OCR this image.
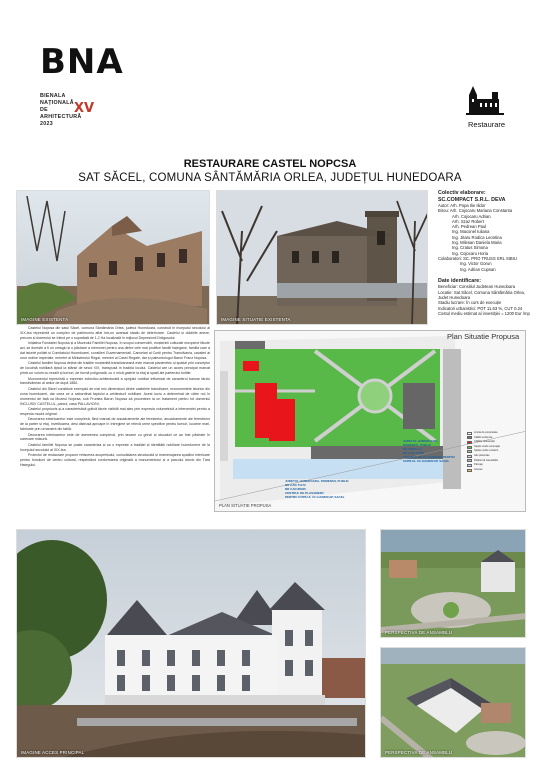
BNA
BIENALA
NAȚIONALĂ
DE
ARHITECTURĂ
2023
XV
Restaurare
RESTAURARE CASTEL NOPCSA
SAT SĂCEL, COMUNA SÂNTĂMĂRIA ORLEA, JUDEȚUL HUNEDOARA
IMAGINE EXISTENTA	IMAGINE SITUATIE EXISTENTA
Colectiv elaborare:
SC.COMPACT S.R.L. DEVA
Autor: Arh. Popa Ilie Ilidor
Birou: Arh. Cojocaru Mariana Constanta
Arh. Cojocaru Adrian
Arh. Szaz Robert
Arh. Pedrean Paul
Ing. Maconel Iuliana
Ing. Jitaru Rodica Leontina
Ing. Milesan Daniela Maria
Ing. Cratus Simona
Ing. Cojocaru Horia
Colaboratori: SC. PRO TRUSS SRL SIBIU
Ing. Victor Gorun
Ing. Adrian Cupsan
Date identificare:
Beneficiar: Consiliul Judetean Hunedoara
Locatie: Sat Săcel, Comuna Sântămăria Orlea,
Judet Hunedoara
Stadiu lucrare: În curs de execuție
Indicatori urbanistici: POT 11.63 %, CUT 0.24
Costul mediu estimat al investiției = 1200 Eur /mp

Castelul Nopcsa din satul Săcel, comuna Sântămăria Orlea, județul Hunedoara, construit în începutul secolului al XIX-lea reprezintă un complex de patrimoniu aflat într-un avansat stadiu de deteriorare. Castelul și clădirile anexe, precum și domeniul se întind pe o suprafață de 1,2 Ha localizată în mijlocul Depresiunii Drăgușului.

Inițiativa Fundației Nopcsa și a Muzeului Familiei Nopcsa, în scopul conservării, moștenirii culturale europene făcute azi, se dorește a fi un omagiu și o păstrare a memoriei pentru una dintre cele mai prolifice familii hațegane, familia care a dat istoriei poliției și Comitatului Hunedoarei, consilieri Guvernamentali, Cancelari ai Curții pentru Transilvania, cavaleri ai unor ordine imperiale, membri ai Ministerului Regal, membri ai Casei Regale, dar și paleontologul Baron Franz Nopcsa.

Castelul familiei Nopcsa deține din tradiție moștenită transilvaneană este marcat planimetric și spațial prin conceptul de locuință nobiliară tipică la sfârșit de secol XIX, transpusă în tradiția locului. Castelul are un acces principal marcat printr-un volum cu rezalit și turnuri, de formă poligonală, cu o mică galerie la etaj și spații ale parterului boltite.

Monumentul reprezintă o expresie eclectico-arhitecturală a sprijului nobiliar influențat de caracterul bancar târziu transilvănean al anilor de după 1860.

Castelul din Săcel constituie exemplul de mai mic dimensiuni dintre castelele transilvane, monumentele istorice din zona hunedoarei, dar ceea ce a sabordinat faptului a arhitecturii nobiliare. Acest lucru a determinat de către noi în momentul de față ca Muzeul Nopcsa, sub Fruntea Baron Nopcsa să procedeze la un tratament pentru tot domeniul INCLUSIV CASTELUL, parcul, casa PALLAVICINI.

Castelul propriuzis și-a caracteristică gotică târzie vizibilă mai ales prin expresia volumetrică a intervenției pentru a respecta modul original.

Decorarea exterioarelor este complexă, fiind marcat de ancadramente ale ferestrelor, ancadramente ale ferestrelor de la parter și etaj. Invelitoarea, deși distrusă aproape în întregime se relevă urme specifice pentru turnuri, lucarne mari, fabricate prin ornament din tablă.

Decorarea interioarelor este de asemenea complexă, prin tavane cu grinzi și stucaturi ce au fost păstrate în oarecare măsură.

Castelul familiei Nopcsa se poate caracteriza și ca o expresie a tradiției și identității nobiliare hunedorene de la începutul secolului al XIX-lea.

Proiectul de restaurare propune refacerea acoperișului, consolidarea structurală și reamenajarea spațiilor interioare pentru funcțiuni de centru cultural, respectând conformarea originală a monumentului și a parcului istoric din Țara Hațegului.

Plan Situatie Propusa
JUDETUL HUNEDOARA, DOMENIUL PUBLIC
NR CAD 71172
NR CAD 88345
CENTRUL DE PLASAMENT
PENTRU COPILUL CU HANDICAP, SACEL
JUDETUL HUNEDOARA,
DOMENIUL PUBLIC
NR TOPO 1-2
NR CAD 71088
CENTRUL DE PLASAMENT PENTRU
COPILUL CU HANDICAP, SACEL
Limita de proprietate
Clădiri existente
Clădire restaurată
Spațiu verde amenajat
Spațiu verde existent
Alei pietonale
Platformă carosabilă
Parcaje
Accese
PLAN SITUATIE PROPUSA
IMAGINE ACCES PRINCIPAL
PERSPECTIVA DE ANSAMBLU
PERSPECTIVA DE ANSAMBLU
